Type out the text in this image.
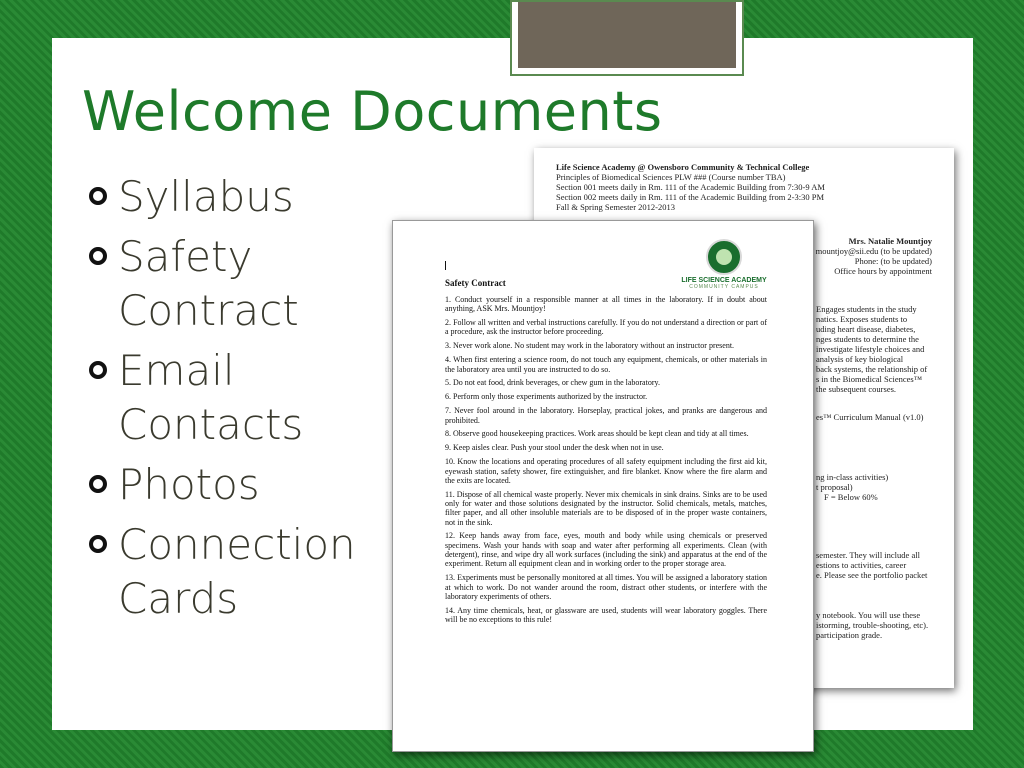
Welcome Documents
Syllabus
Safety Contract
Email Contacts
Photos
Connection Cards
Life Science Academy @ Owensboro Community & Technical College
Principles of Biomedical Sciences PLW ### (Course number TBA)
Section 001 meets daily in Rm. 111 of the Academic Building from 7:30-9 AM
Section 002 meets daily in Rm. 111 of the Academic Building from 2-3:30 PM
Fall & Spring Semester 2012-2013
Mrs. Natalie Mountjoy
mountjoy@sii.edu (to be updated)
Phone: (to be updated)
Office hours by appointment
Engages students in the study
natics. Exposes students to
uding heart disease, diabetes,
nges students to determine the
investigate lifestyle choices and
analysis of key biological
back systems, the relationship of
s in the Biomedical Sciences™
the subsequent courses.
es™ Curriculum Manual (v1.0)
ng in-class activities)
t proposal)
F = Below 60%
semester. They will include all
estions to activities, career
e. Please see the portfolio packet
y notebook. You will use these
istorming, trouble-shooting, etc).
participation grade.
LIFE SCIENCE ACADEMY
COMMUNITY CAMPUS
Safety Contract

1. Conduct yourself in a responsible manner at all times in the laboratory. If in doubt about anything, ASK Mrs. Mountjoy!

2. Follow all written and verbal instructions carefully. If you do not understand a direction or part of a procedure, ask the instructor before proceeding.

3. Never work alone. No student may work in the laboratory without an instructor present.

4. When first entering a science room, do not touch any equipment, chemicals, or other materials in the laboratory area until you are instructed to do so.

5. Do not eat food, drink beverages, or chew gum in the laboratory.

6. Perform only those experiments authorized by the instructor.

7. Never fool around in the laboratory. Horseplay, practical jokes, and pranks are dangerous and prohibited.

8. Observe good housekeeping practices. Work areas should be kept clean and tidy at all times.

9. Keep aisles clear. Push your stool under the desk when not in use.

10. Know the locations and operating procedures of all safety equipment including the first aid kit, eyewash station, safety shower, fire extinguisher, and fire blanket. Know where the fire alarm and the exits are located.

11. Dispose of all chemical waste properly. Never mix chemicals in sink drains. Sinks are to be used only for water and those solutions designated by the instructor. Solid chemicals, metals, matches, filter paper, and all other insoluble materials are to be disposed of in the proper waste containers, not in the sink.

12. Keep hands away from face, eyes, mouth and body while using chemicals or preserved specimens. Wash your hands with soap and water after performing all experiments. Clean (with detergent), rinse, and wipe dry all work surfaces (including the sink) and apparatus at the end of the experiment. Return all equipment clean and in working order to the proper storage area.

13. Experiments must be personally monitored at all times. You will be assigned a laboratory station at which to work. Do not wander around the room, distract other students, or interfere with the laboratory experiments of others.

14. Any time chemicals, heat, or glassware are used, students will wear laboratory goggles. There will be no exceptions to this rule!
